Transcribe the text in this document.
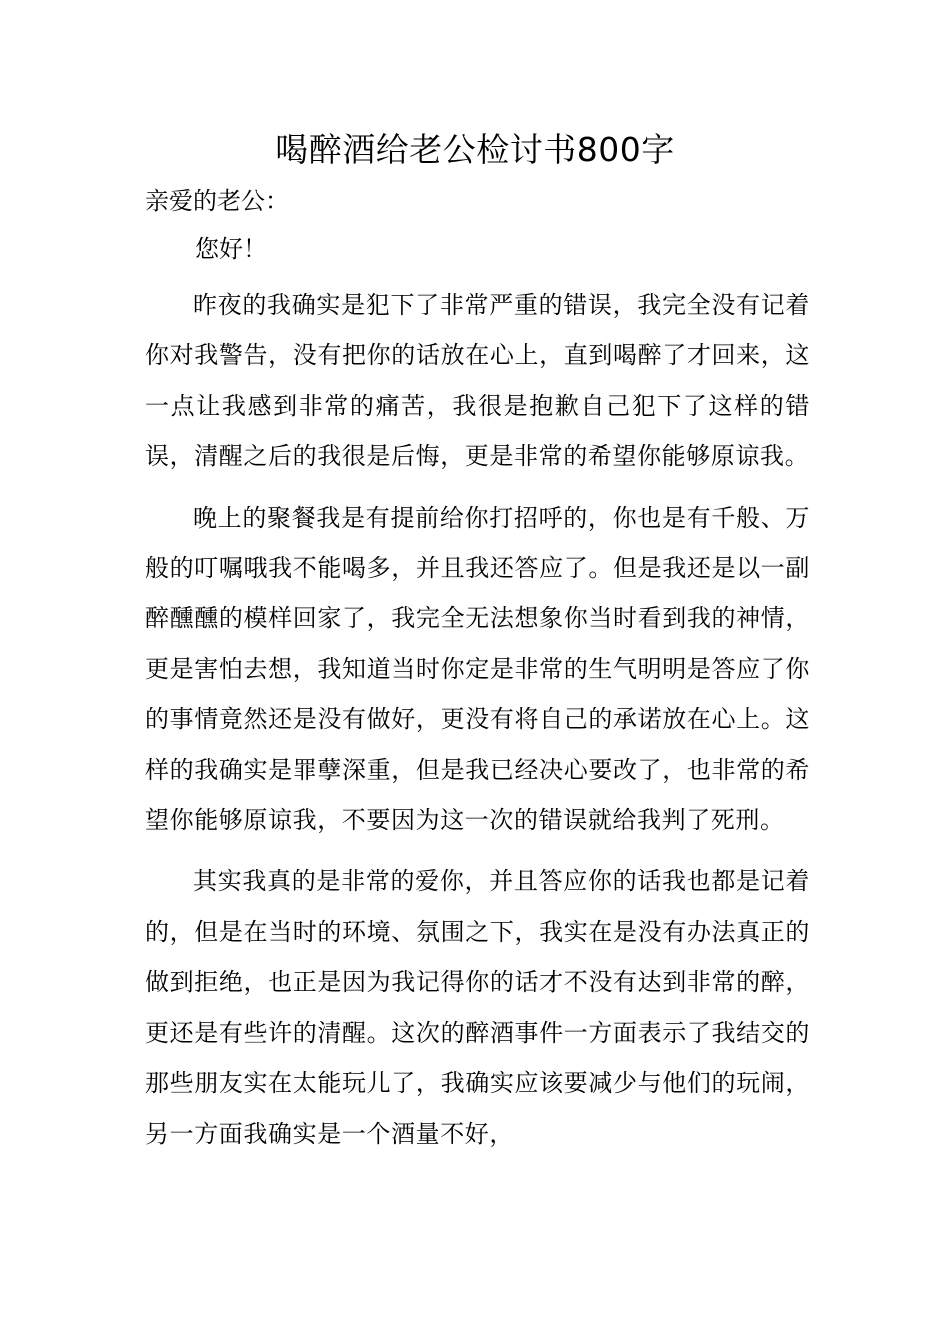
喝醉酒给老公检讨书800字
亲爱的老公：
您好！

昨夜的我确实是犯下了非常严重的错误，我完全没有记着你对我警告，没有把你的话放在心上，直到喝醉了才回来，这一点让我感到非常的痛苦，我很是抱歉自己犯下了这样的错误，清醒之后的我很是后悔，更是非常的希望你能够原谅我。

晚上的聚餐我是有提前给你打招呼的，你也是有千般、万般的叮嘱哦我不能喝多，并且我还答应了。但是我还是以一副醉醺醺的模样回家了，我完全无法想象你当时看到我的神情，更是害怕去想，我知道当时你定是非常的生气明明是答应了你的事情竟然还是没有做好，更没有将自己的承诺放在心上。这样的我确实是罪孽深重，但是我已经决心要改了，也非常的希望你能够原谅我，不要因为这一次的错误就给我判了死刑。

其实我真的是非常的爱你，并且答应你的话我也都是记着的，但是在当时的环境、氛围之下，我实在是没有办法真正的做到拒绝，也正是因为我记得你的话才不没有达到非常的醉，更还是有些许的清醒。这次的醉酒事件一方面表示了我结交的那些朋友实在太能玩儿了，我确实应该要减少与他们的玩闹，另一方面我确实是一个酒量不好，
